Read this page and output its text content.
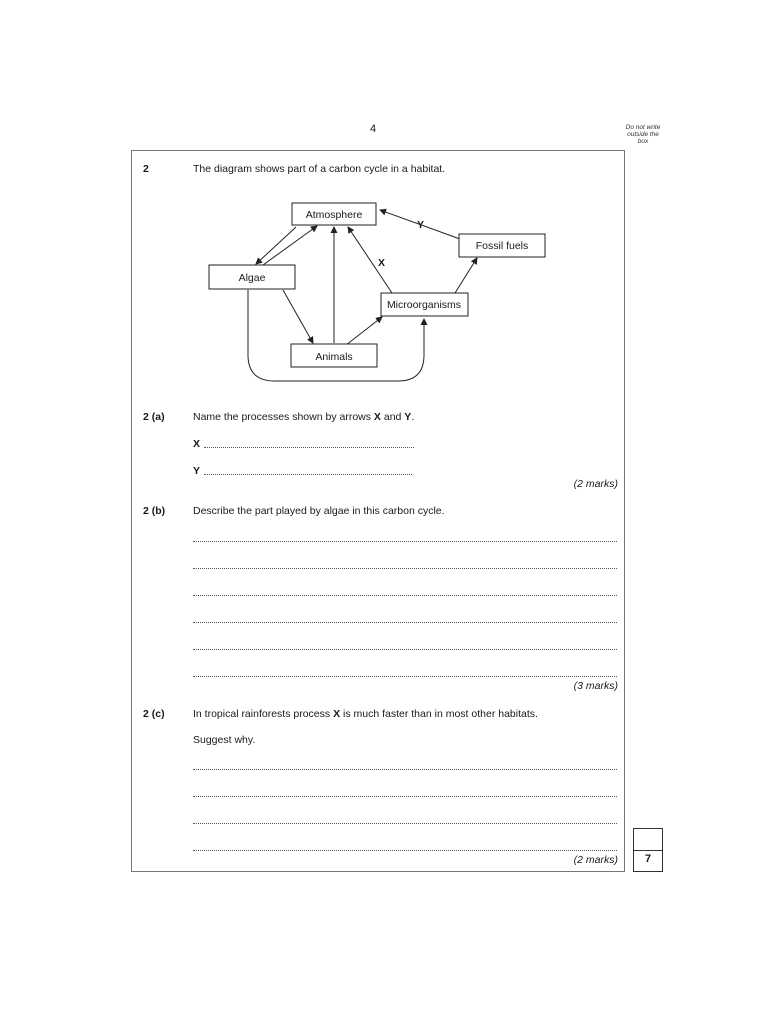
4	Do not write
outside the
box
2	The diagram shows part of a carbon cycle in a habitat.
Atmosphere
Fossil fuels
Algae
Microorganisms
Animals
Y
X
2 (a)	Name the processes shown by arrows X and Y.
X
Y
(2 marks)
2 (b)	Describe the part played by algae in this carbon cycle.
(3 marks)
2 (c)	In tropical rainforests process X is much faster than in most other habitats.
Suggest why.
(2 marks)	7
